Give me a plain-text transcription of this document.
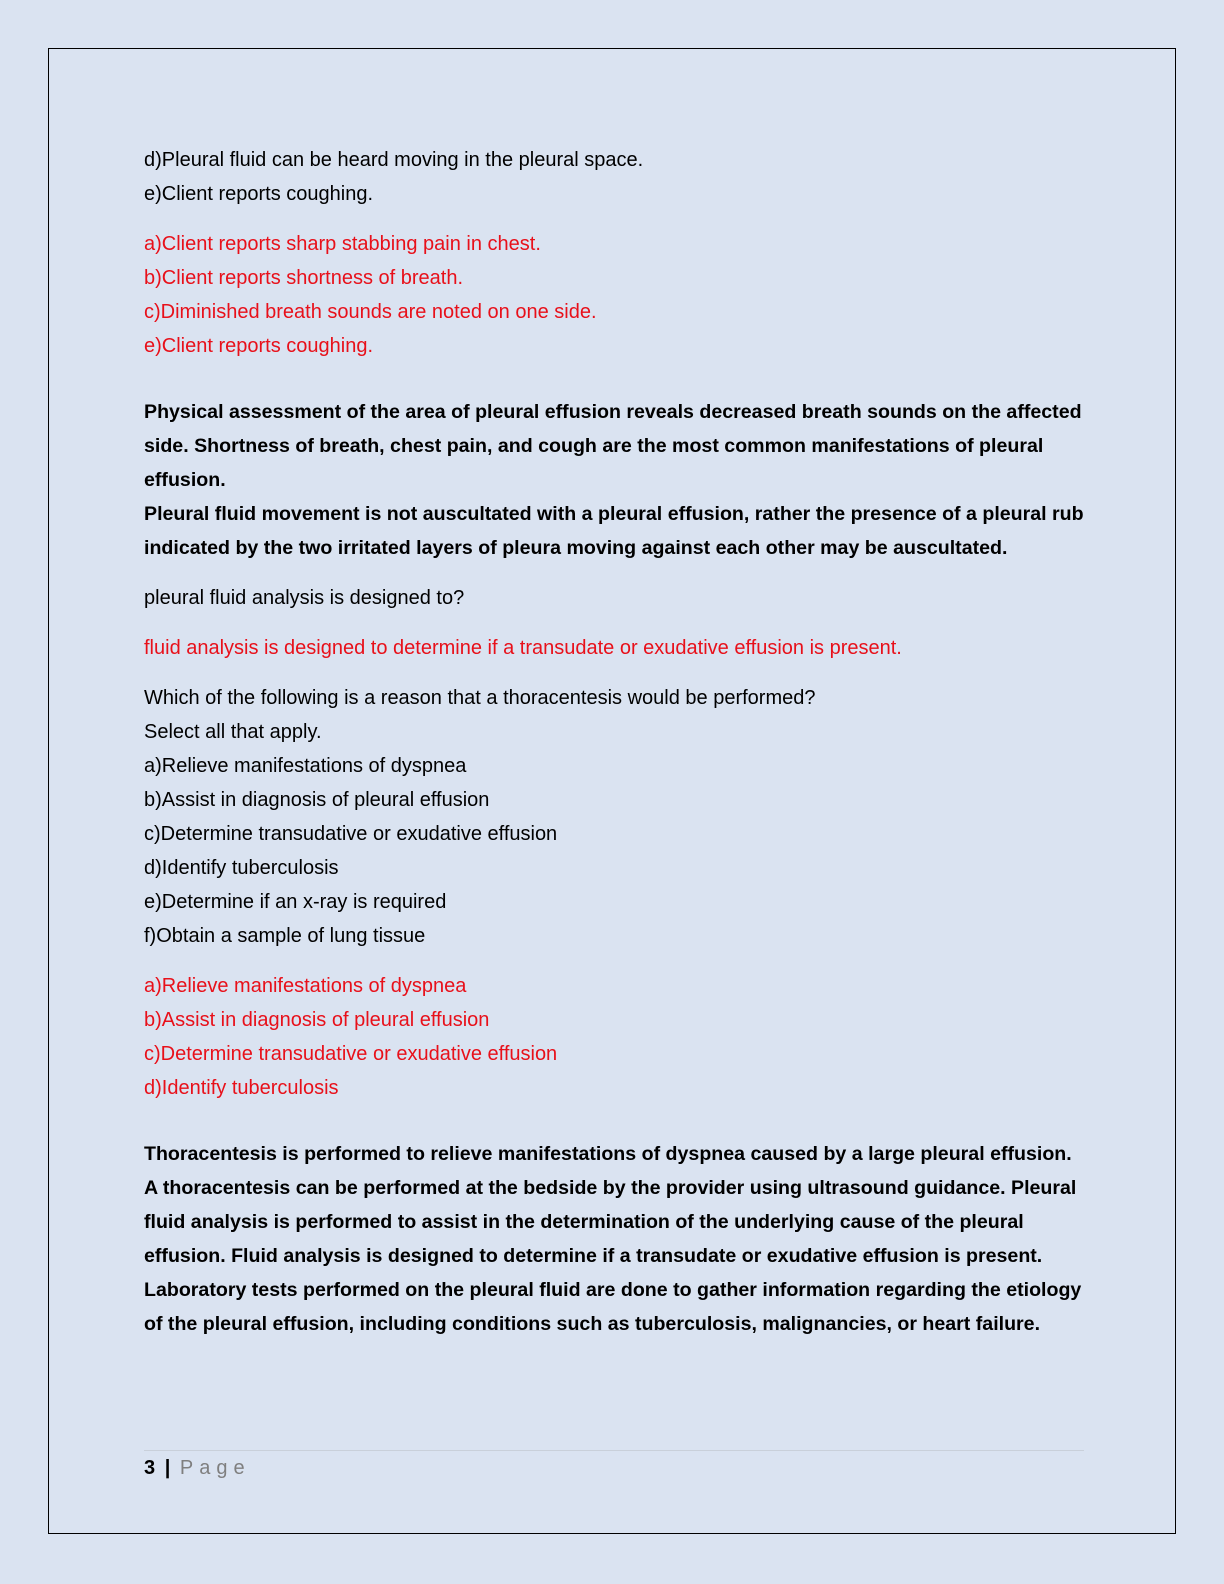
d)Pleural fluid can be heard moving in the pleural space.

e)Client reports coughing.

a)Client reports sharp stabbing pain in chest.

b)Client reports shortness of breath.

c)Diminished breath sounds are noted on one side.

e)Client reports coughing.

Physical assessment of the area of pleural effusion reveals decreased breath sounds on the affected side. Shortness of breath, chest pain, and cough are the most common manifestations of pleural effusion.

Pleural fluid movement is not auscultated with a pleural effusion, rather the presence of a pleural rub indicated by the two irritated layers of pleura moving against each other may be auscultated.

pleural fluid analysis is designed to?

fluid analysis is designed to determine if a transudate or exudative effusion is present.

Which of the following is a reason that a thoracentesis would be performed?

Select all that apply.

a)Relieve manifestations of dyspnea

b)Assist in diagnosis of pleural effusion

c)Determine transudative or exudative effusion

d)Identify tuberculosis

e)Determine if an x-ray is required

f)Obtain a sample of lung tissue

a)Relieve manifestations of dyspnea

b)Assist in diagnosis of pleural effusion

c)Determine transudative or exudative effusion

d)Identify tuberculosis

Thoracentesis is performed to relieve manifestations of dyspnea caused by a large pleural effusion. A thoracentesis can be performed at the bedside by the provider using ultrasound guidance. Pleural fluid analysis is performed to assist in the determination of the underlying cause of the pleural effusion. Fluid analysis is designed to determine if a transudate or exudative effusion is present. Laboratory tests performed on the pleural fluid are done to gather information regarding the etiology of the pleural effusion, including conditions such as tuberculosis, malignancies, or heart failure.

3 | Page
